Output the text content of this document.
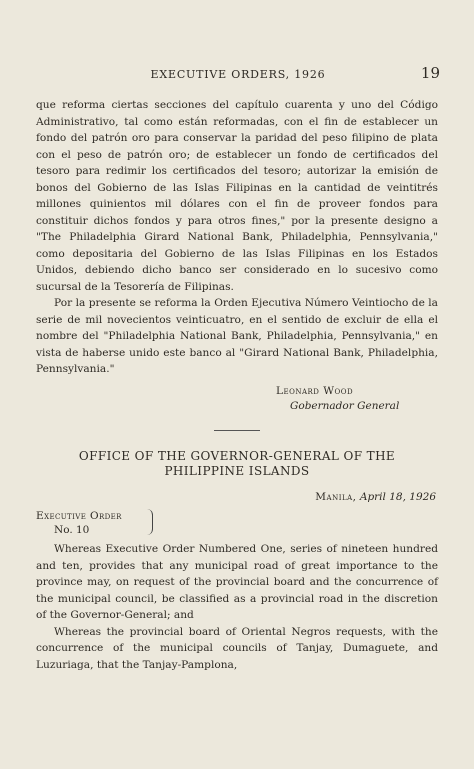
EXECUTIVE ORDERS, 1926	19

que reforma ciertas secciones del capítulo cuarenta y uno del Código Administrativo, tal como están reformadas, con el fin de establecer un fondo del patrón oro para conservar la paridad del peso filipino de plata con el peso de patrón oro; de establecer un fondo de certificados del tesoro para redimir los certificados del tesoro; autorizar la emisión de bonos del Gobierno de las Islas Filipinas en la cantidad de veintitrés millones quinientos mil dólares con el fin de proveer fondos para constituir dichos fondos y para otros fines," por la presente designo a "The Philadelphia Girard National Bank, Philadelphia, Pennsylvania," como depositaria del Gobierno de las Islas Filipinas en los Estados Unidos, debiendo dicho banco ser considerado en lo sucesivo como sucursal de la Tesorería de Filipinas.

Por la presente se reforma la Orden Ejecutiva Número Veintiocho de la serie de mil novecientos veinticuatro, en el sentido de excluir de ella el nombre del "Philadelphia National Bank, Philadelphia, Pennsylvania," en vista de haberse unido este banco al "Girard National Bank, Philadelphia, Pennsylvania."

Leonard Wood
Gobernador General
OFFICE OF THE GOVERNOR-GENERAL OF THE
PHILIPPINE ISLANDS
Manila, April 18, 1926
Executive Order
No. 10

Whereas Executive Order Numbered One, series of nineteen hundred and ten, provides that any municipal road of great importance to the province may, on request of the provincial board and the concurrence of the municipal council, be classified as a provincial road in the discretion of the Governor-General; and

Whereas the provincial board of Oriental Negros requests, with the concurrence of the municipal councils of Tanjay, Dumaguete, and Luzuriaga, that the Tanjay-Pamplona,
